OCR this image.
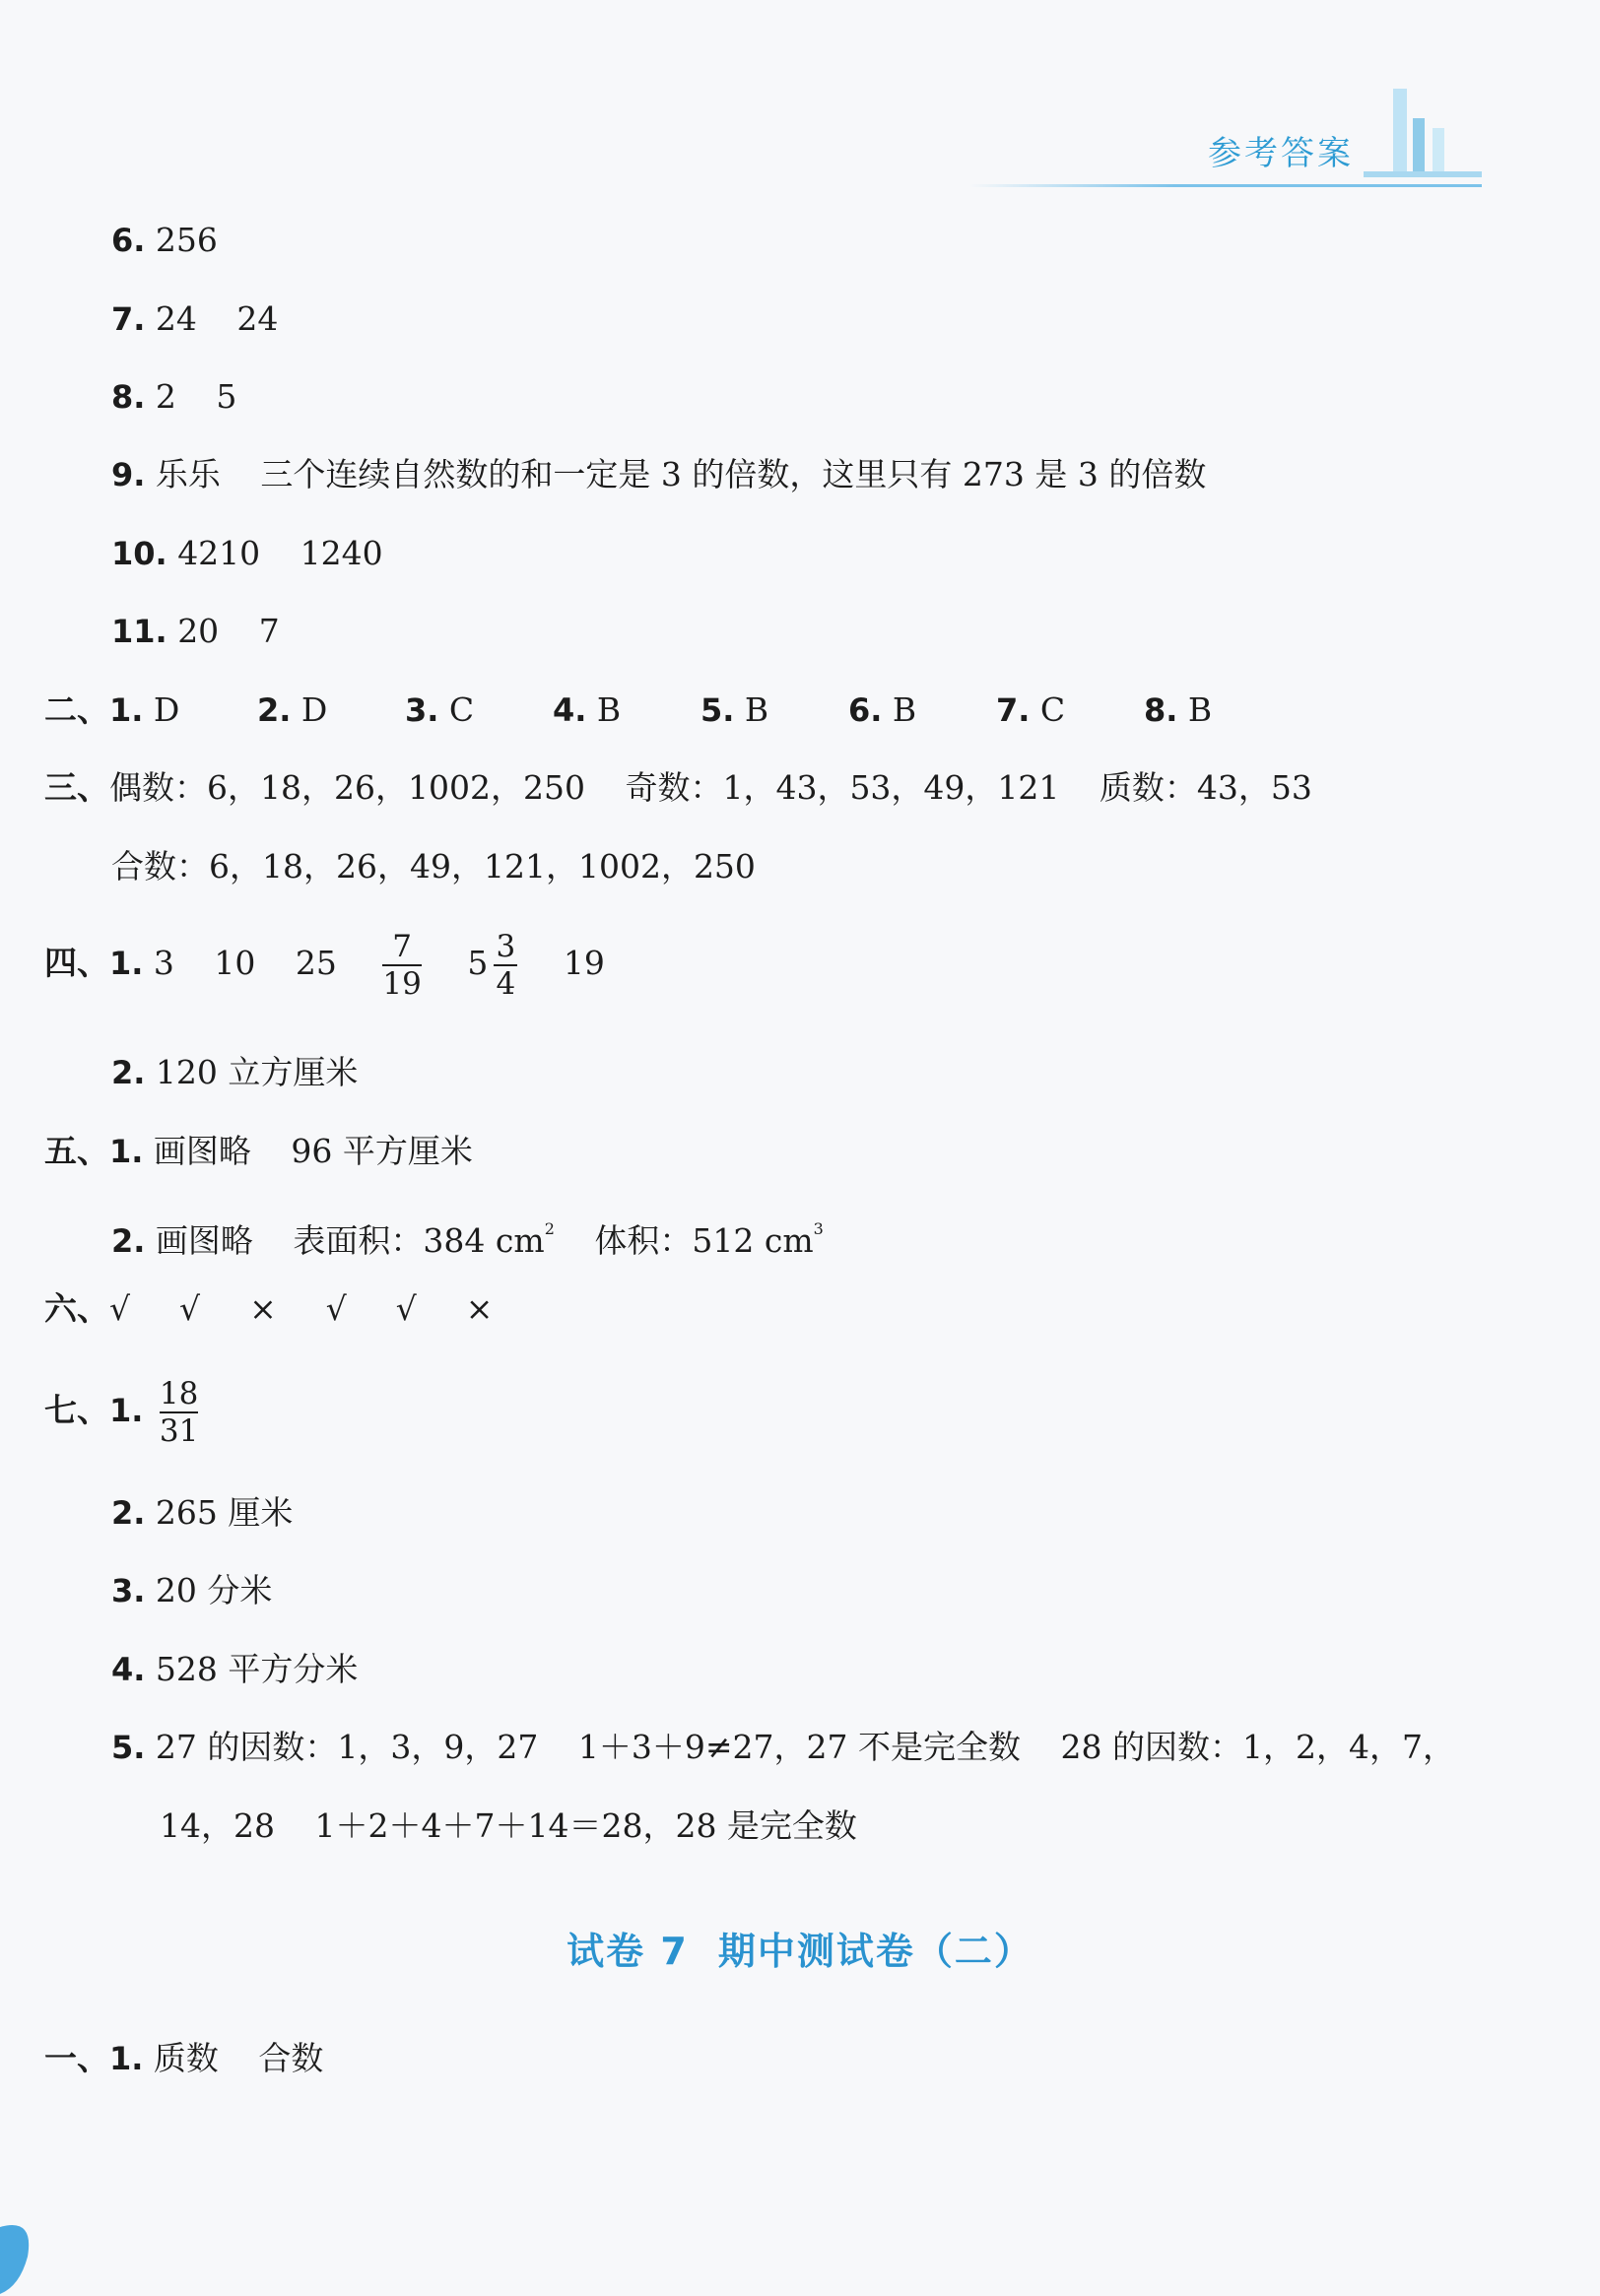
参考答案
6. 256
7. 24 24
8. 2 5
9. 乐乐 三个连续自然数的和一定是 3 的倍数，这里只有 273 是 3 的倍数
10. 4210 1240
11. 20 7
二、1. D 2. D 3. C 4. B	5. B	6. B	7. C 8. B
三、偶数：6，18，26，1002，250 奇数：1，43，53，49，121 质数：43，53
合数：6，18，26，49，121，1002，250
四、1. 3 10 $25 \frac{7}{19} 5 \frac{3}{4} 19$
2. 120 立方厘米
五、1. 画图略 96 平方厘米
2. 画图略 表面积：384 $cm^2$ 体积：512 $cm^3$
六、√ √ × √ √ ×
七、1. $\frac{18}{31}$
2. 265 厘米
3. 20 分米
4. 528 平方分米
5. 27 的因数：1，3，9，27 1＋3＋9≠27，27 不是完全数 28 的因数：1，2，4，7，
14，28 1＋2＋4＋7＋14＝28，28 是完全数
试卷 7 期中测试卷（二）
一、1. 质数 合数
